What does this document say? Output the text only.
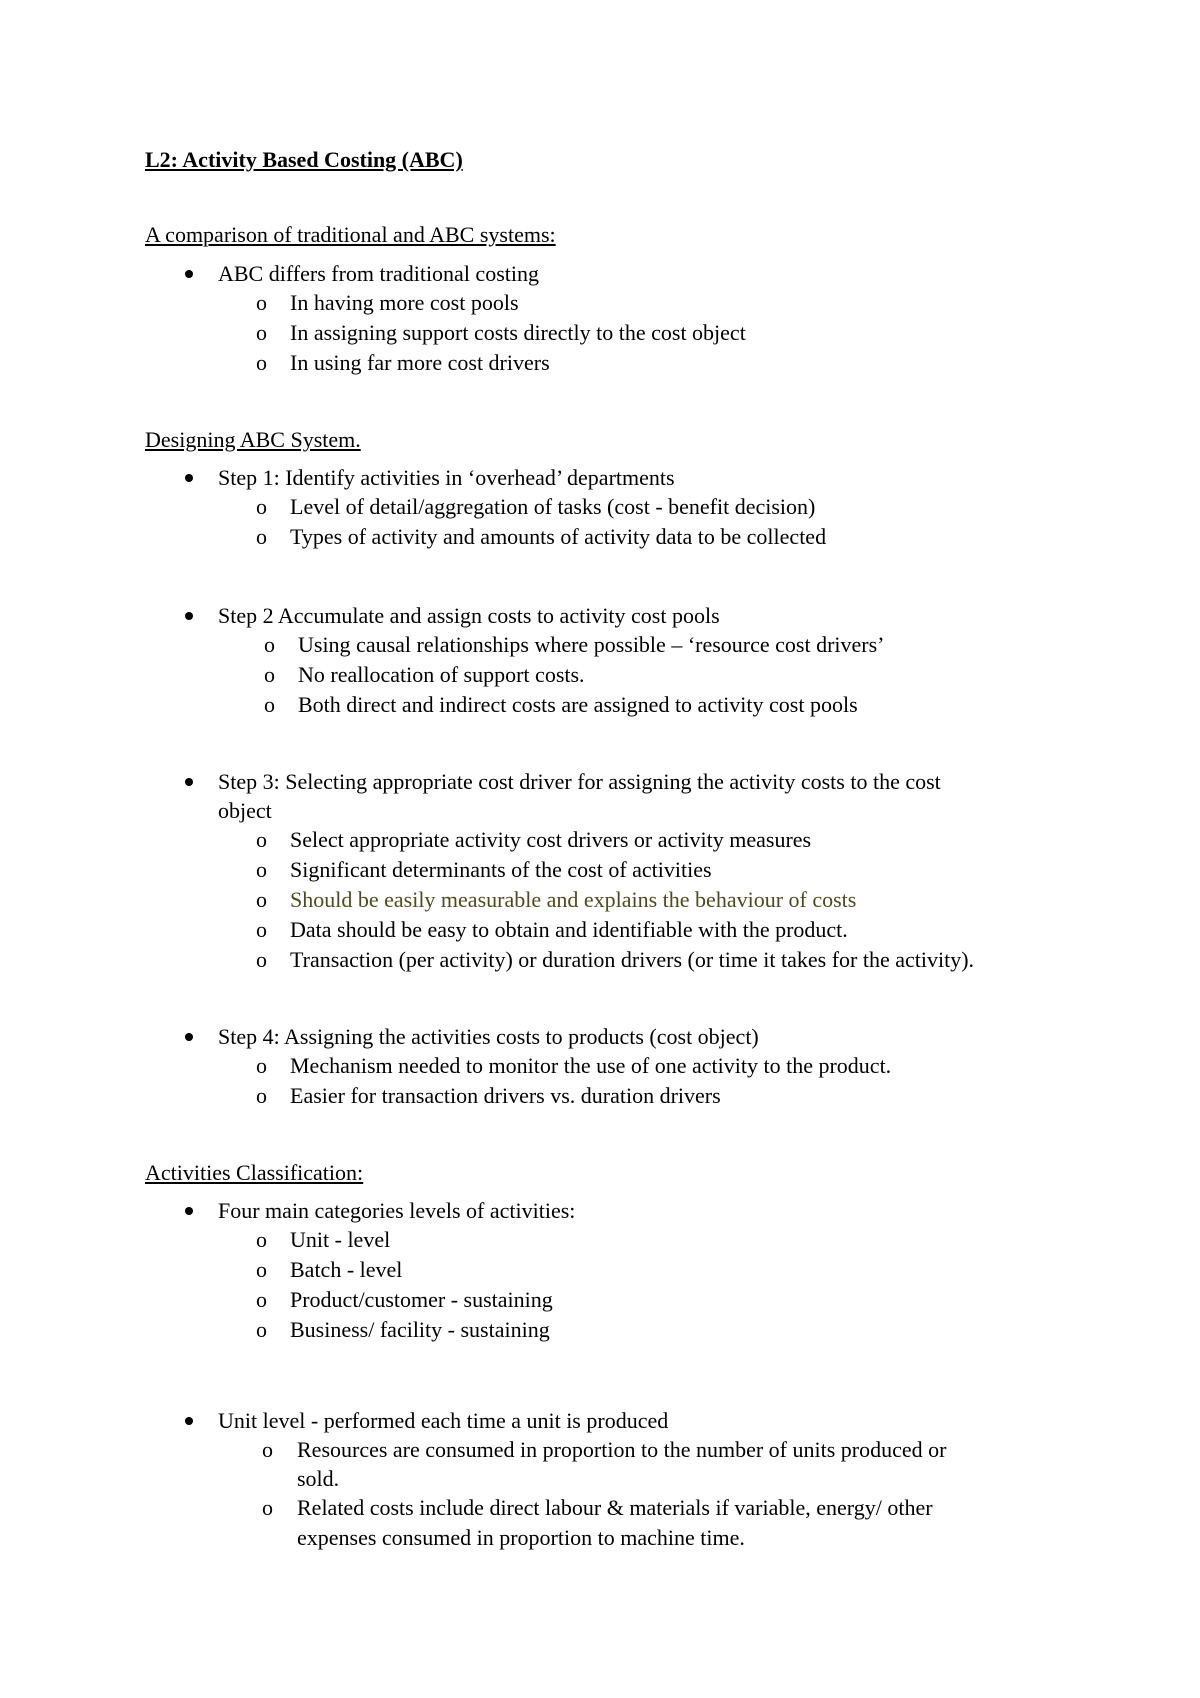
L2: Activity Based Costing (ABC)
A comparison of traditional and ABC systems:
ABC differs from traditional costing
o In having more cost pools
o In assigning support costs directly to the cost object
o In using far more cost drivers
Designing ABC System.
Step 1: Identify activities in ‘overhead’ departments
o Level of detail/aggregation of tasks (cost - benefit decision)
o Types of activity and amounts of activity data to be collected
Step 2 Accumulate and assign costs to activity cost pools
o Using causal relationships where possible – ‘resource cost drivers’
o No reallocation of support costs.
o Both direct and indirect costs are assigned to activity cost pools
Step 3: Selecting appropriate cost driver for assigning the activity costs to the cost
object
o Select appropriate activity cost drivers or activity measures
o Significant determinants of the cost of activities
o Should be easily measurable and explains the behaviour of costs
o Data should be easy to obtain and identifiable with the product.
o Transaction (per activity) or duration drivers (or time it takes for the activity).
Step 4: Assigning the activities costs to products (cost object)
o Mechanism needed to monitor the use of one activity to the product.
o Easier for transaction drivers vs. duration drivers
Activities Classification:
Four main categories levels of activities:
o Unit - level
o Batch - level
o Product/customer - sustaining
o Business/ facility - sustaining
Unit level - performed each time a unit is produced
o Resources are consumed in proportion to the number of units produced or
sold.
o Related costs include direct labour & materials if variable, energy/ other
expenses consumed in proportion to machine time.
